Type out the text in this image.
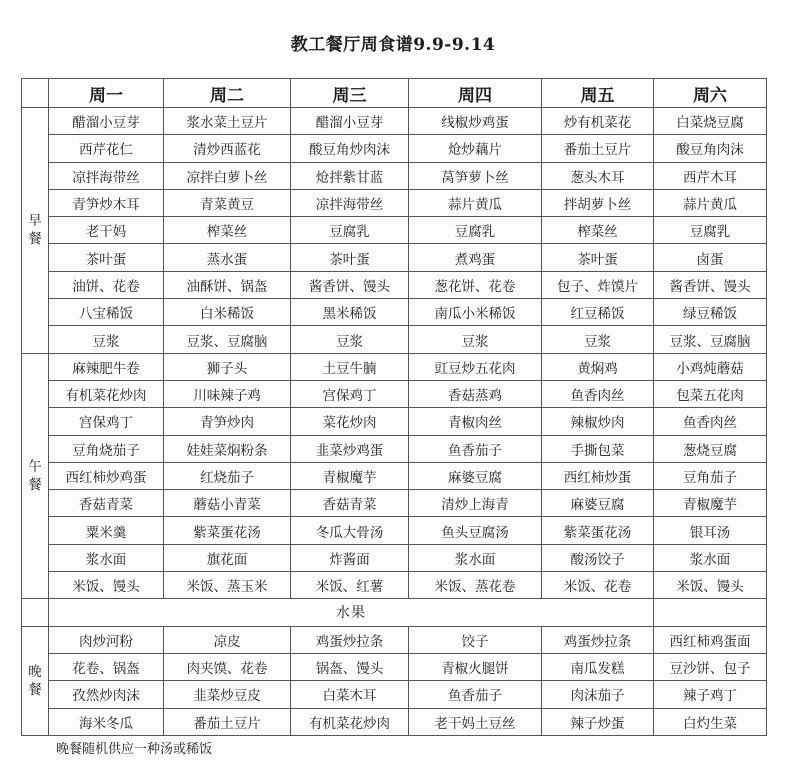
教工餐厅周食谱9.9-9.14
	周一	周二	周三	周四	周五	周六

早
餐	醋溜小豆芽	浆水菜土豆片	醋溜小豆芽	线椒炒鸡蛋	炒有机菜花	白菜烧豆腐
	西芹花仁	清炒西蓝花	酸豆角炒肉沫	炝炒藕片	番茄土豆片	酸豆角肉沫
	凉拌海带丝	凉拌白萝卜丝	炝拌紫甘蓝	莴笋萝卜丝	葱头木耳	西芹木耳
	青笋炒木耳	青菜黄豆	凉拌海带丝	蒜片黄瓜	拌胡萝卜丝	蒜片黄瓜
	老干妈	榨菜丝	豆腐乳	豆腐乳	榨菜丝	豆腐乳
	茶叶蛋	蒸水蛋	茶叶蛋	煮鸡蛋	茶叶蛋	卤蛋
	油饼、花卷	油酥饼、锅盔	酱香饼、馒头	葱花饼、花卷	包子、炸馍片	酱香饼、馒头
	八宝稀饭	白米稀饭	黑米稀饭	南瓜小米稀饭	红豆稀饭	绿豆稀饭
	豆浆	豆浆、豆腐脑	豆浆	豆浆	豆浆	豆浆、豆腐脑

午
餐	麻辣肥牛卷	狮子头	土豆牛腩	豇豆炒五花肉	黄焖鸡	小鸡炖蘑菇
	有机菜花炒肉	川味辣子鸡	宫保鸡丁	香菇蒸鸡	鱼香肉丝	包菜五花肉
	宫保鸡丁	青笋炒肉	菜花炒肉	青椒肉丝	辣椒炒肉	鱼香肉丝
	豆角烧茄子	娃娃菜焖粉条	韭菜炒鸡蛋	鱼香茄子	手撕包菜	葱烧豆腐
	西红柿炒鸡蛋	红烧茄子	青椒魔芋	麻婆豆腐	西红柿炒蛋	豆角茄子
	香菇青菜	蘑菇小青菜	香菇青菜	清炒上海青	麻婆豆腐	青椒魔芋
	粟米羹	紫菜蛋花汤	冬瓜大骨汤	鱼头豆腐汤	紫菜蛋花汤	银耳汤
	浆水面	旗花面	炸酱面	浆水面	酸汤饺子	浆水面
	米饭、馒头	米饭、蒸玉米	米饭、红薯	米饭、蒸花卷	米饭、花卷	米饭、馒头
	水果					

晚
餐	肉炒河粉	凉皮	鸡蛋炒拉条	饺子	鸡蛋炒拉条	西红柿鸡蛋面
	花卷、锅盔	肉夹馍、花卷	锅盔、馒头	青椒火腿饼	南瓜发糕	豆沙饼、包子
	孜然炒肉沫	韭菜炒豆皮	白菜木耳	鱼香茄子	肉沫茄子	辣子鸡丁
	海米冬瓜	番茄土豆片	有机菜花炒肉	老干妈土豆丝	辣子炒蛋	白灼生菜
晚餐随机供应一种汤或稀饭
